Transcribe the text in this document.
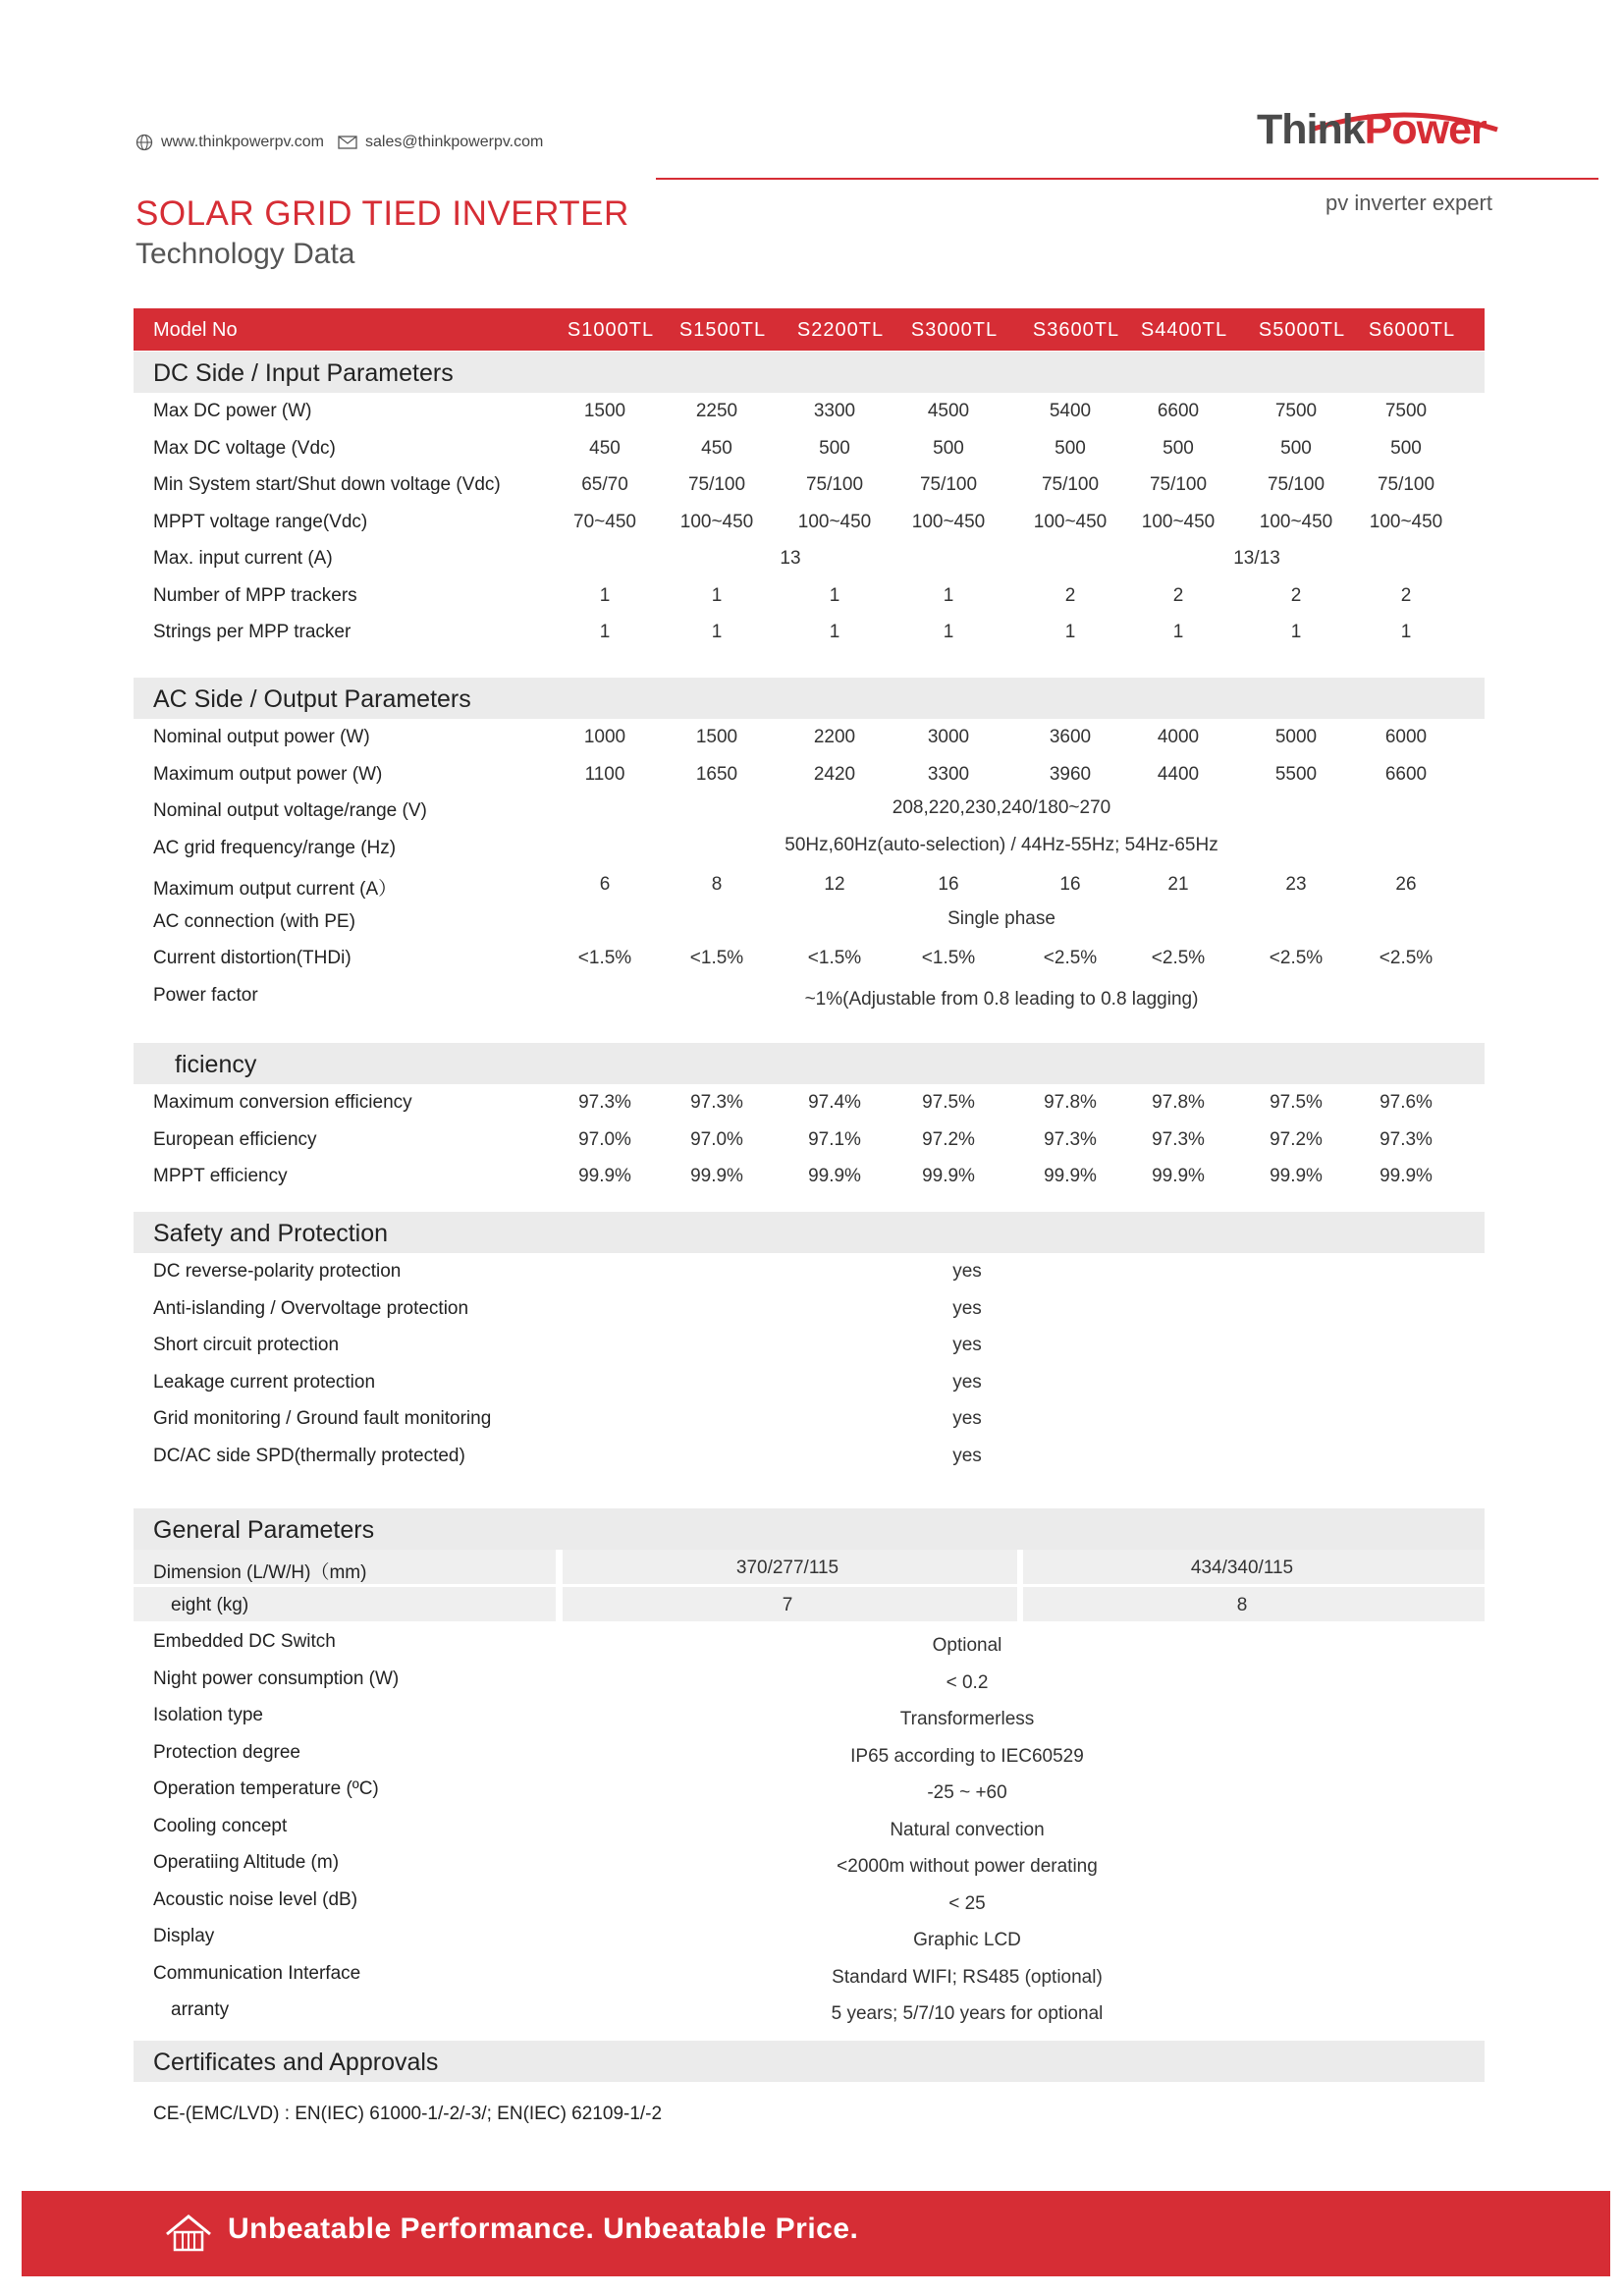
www.thinkpowerpv.com	sales@thinkpowerpv.com	ThinkPower
pv inverter expert
SOLAR GRID TIED INVERTER
Technology Data
Model No	S1000TL	S1500TL	S2200TL	S3000TL	S3600TL	S4400TL	S5000TL	S6000TL
DC Side / Input Parameters
Max DC power (W)	1500	2250	3300	4500	5400	6600	7500	7500
Max DC voltage (Vdc)	450	450	500	500	500	500	500	500
Min System start/Shut down voltage (Vdc)	65/70	75/100	75/100	75/100	75/100	75/100	75/100	75/100
MPPT voltage range(Vdc)	70~450	100~450	100~450	100~450	100~450	100~450	100~450	100~450
Max. input current (A)	13	13/13
Number of MPP trackers	1	1	1	1	2	2	2	2
Strings per MPP tracker	1	1	1	1	1	1	1	1
AC Side / Output Parameters
Nominal output power (W)	1000	1500	2200	3000	3600	4000	5000	6000
Maximum output power (W)	1100	1650	2420	3300	3960	4400	5500	6600
Nominal output voltage/range (V)	208,220,230,240/180~270
AC grid frequency/range (Hz)	50Hz,60Hz(auto-selection) / 44Hz-55Hz; 54Hz-65Hz
Maximum output current (A）	6	8	12	16	16	21	23	26
AC connection (with PE)	Single phase
Current distortion(THDi)	<1.5%	<1.5%	<1.5%	<1.5%	<2.5%	<2.5%	<2.5%	<2.5%
Power factor	~1%(Adjustable from 0.8 leading to 0.8 lagging)
ficiency
Maximum conversion efficiency	97.3%	97.3%	97.4%	97.5%	97.8%	97.8%	97.5%	97.6%
European efficiency	97.0%	97.0%	97.1%	97.2%	97.3%	97.3%	97.2%	97.3%
MPPT efficiency	99.9%	99.9%	99.9%	99.9%	99.9%	99.9%	99.9%	99.9%
Safety and Protection
DC reverse-polarity protection	yes
Anti-islanding / Overvoltage protection	yes
Short circuit protection	yes
Leakage current protection	yes
Grid monitoring / Ground fault monitoring	yes
DC/AC side SPD(thermally protected)	yes
General Parameters
Dimension (L/W/H)（mm)	370/277/115	434/340/115
eight (kg)	7	8
Embedded DC Switch	Optional
Night power consumption (W)	< 0.2
Isolation type	Transformerless
Protection degree	IP65 according to IEC60529
Operation temperature (ºC)	-25 ~ +60
Cooling concept	Natural convection
Operatiing Altitude (m)	<2000m without power derating
Acoustic noise level (dB)	< 25
Display	Graphic LCD
Communication Interface	Standard WIFI; RS485 (optional)
arranty	5 years; 5/7/10 years for optional
Certificates and Approvals
CE-(EMC/LVD) : EN(IEC) 61000-1/-2/-3/; EN(IEC) 62109-1/-2
Unbeatable Performance. Unbeatable Price.
